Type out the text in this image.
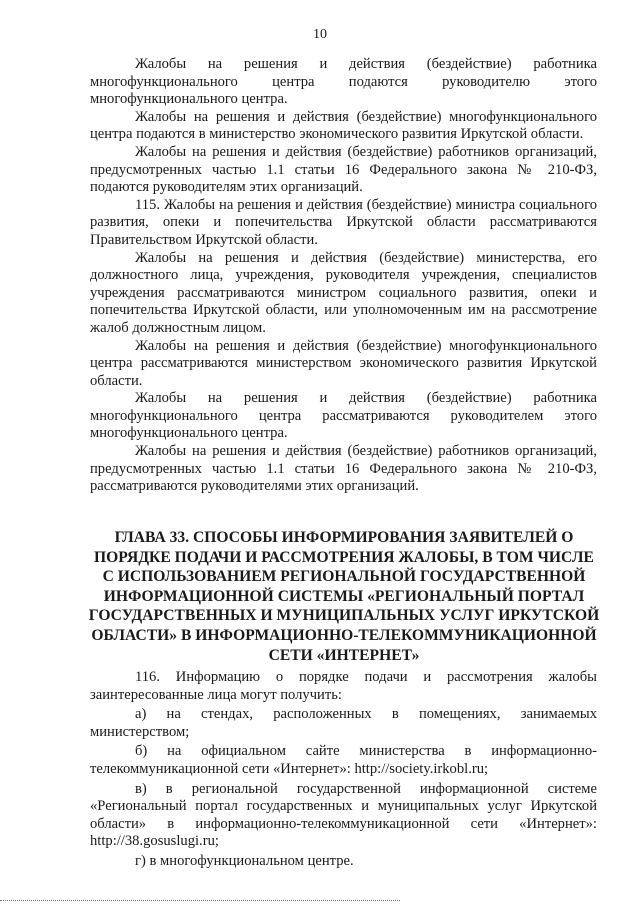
10

Жалобы на решения и действия (бездействие) работника многофункционального центра подаются руководителю этого многофункционального центра.

Жалобы на решения и действия (бездействие) многофункционального центра подаются в министерство экономического развития Иркутской области.

Жалобы на решения и действия (бездействие) работников организаций, предусмотренных частью 1.1 статьи 16 Федерального закона № 210-ФЗ, подаются руководителям этих организаций.

115. Жалобы на решения и действия (бездействие) министра социального развития, опеки и попечительства Иркутской области рассматриваются Правительством Иркутской области.

Жалобы на решения и действия (бездействие) министерства, его должностного лица, учреждения, руководителя учреждения, специалистов учреждения рассматриваются министром социального развития, опеки и попечительства Иркутской области, или уполномоченным им на рассмотрение жалоб должностным лицом.

Жалобы на решения и действия (бездействие) многофункционального центра рассматриваются министерством экономического развития Иркутской области.

Жалобы на решения и действия (бездействие) работника многофункционального центра рассматриваются руководителем этого многофункционального центра.

Жалобы на решения и действия (бездействие) работников организаций, предусмотренных частью 1.1 статьи 16 Федерального закона № 210-ФЗ, рассматриваются руководителями этих организаций.

ГЛАВА 33. СПОСОБЫ ИНФОРМИРОВАНИЯ ЗАЯВИТЕЛЕЙ О ПОРЯДКЕ ПОДАЧИ И РАССМОТРЕНИЯ ЖАЛОБЫ, В ТОМ ЧИСЛЕ С ИСПОЛЬЗОВАНИЕМ РЕГИОНАЛЬНОЙ ГОСУДАРСТВЕННОЙ ИНФОРМАЦИОННОЙ СИСТЕМЫ «РЕГИОНАЛЬНЫЙ ПОРТАЛ ГОСУДАРСТВЕННЫХ И МУНИЦИПАЛЬНЫХ УСЛУГ ИРКУТСКОЙ ОБЛАСТИ» В ИНФОРМАЦИОННО-ТЕЛЕКОММУНИКАЦИОННОЙ СЕТИ «ИНТЕРНЕТ»

116. Информацию о порядке подачи и рассмотрения жалобы заинтересованные лица могут получить:

а) на стендах, расположенных в помещениях, занимаемых министерством;

б) на официальном сайте министерства в информационно-телекоммуникационной сети «Интернет»: http://society.irkobl.ru;

в) в региональной государственной информационной системе «Региональный портал государственных и муниципальных услуг Иркутской области» в информационно-телекоммуникационной сети «Интернет»: http://38.gosuslugi.ru;

г) в многофункциональном центре.
